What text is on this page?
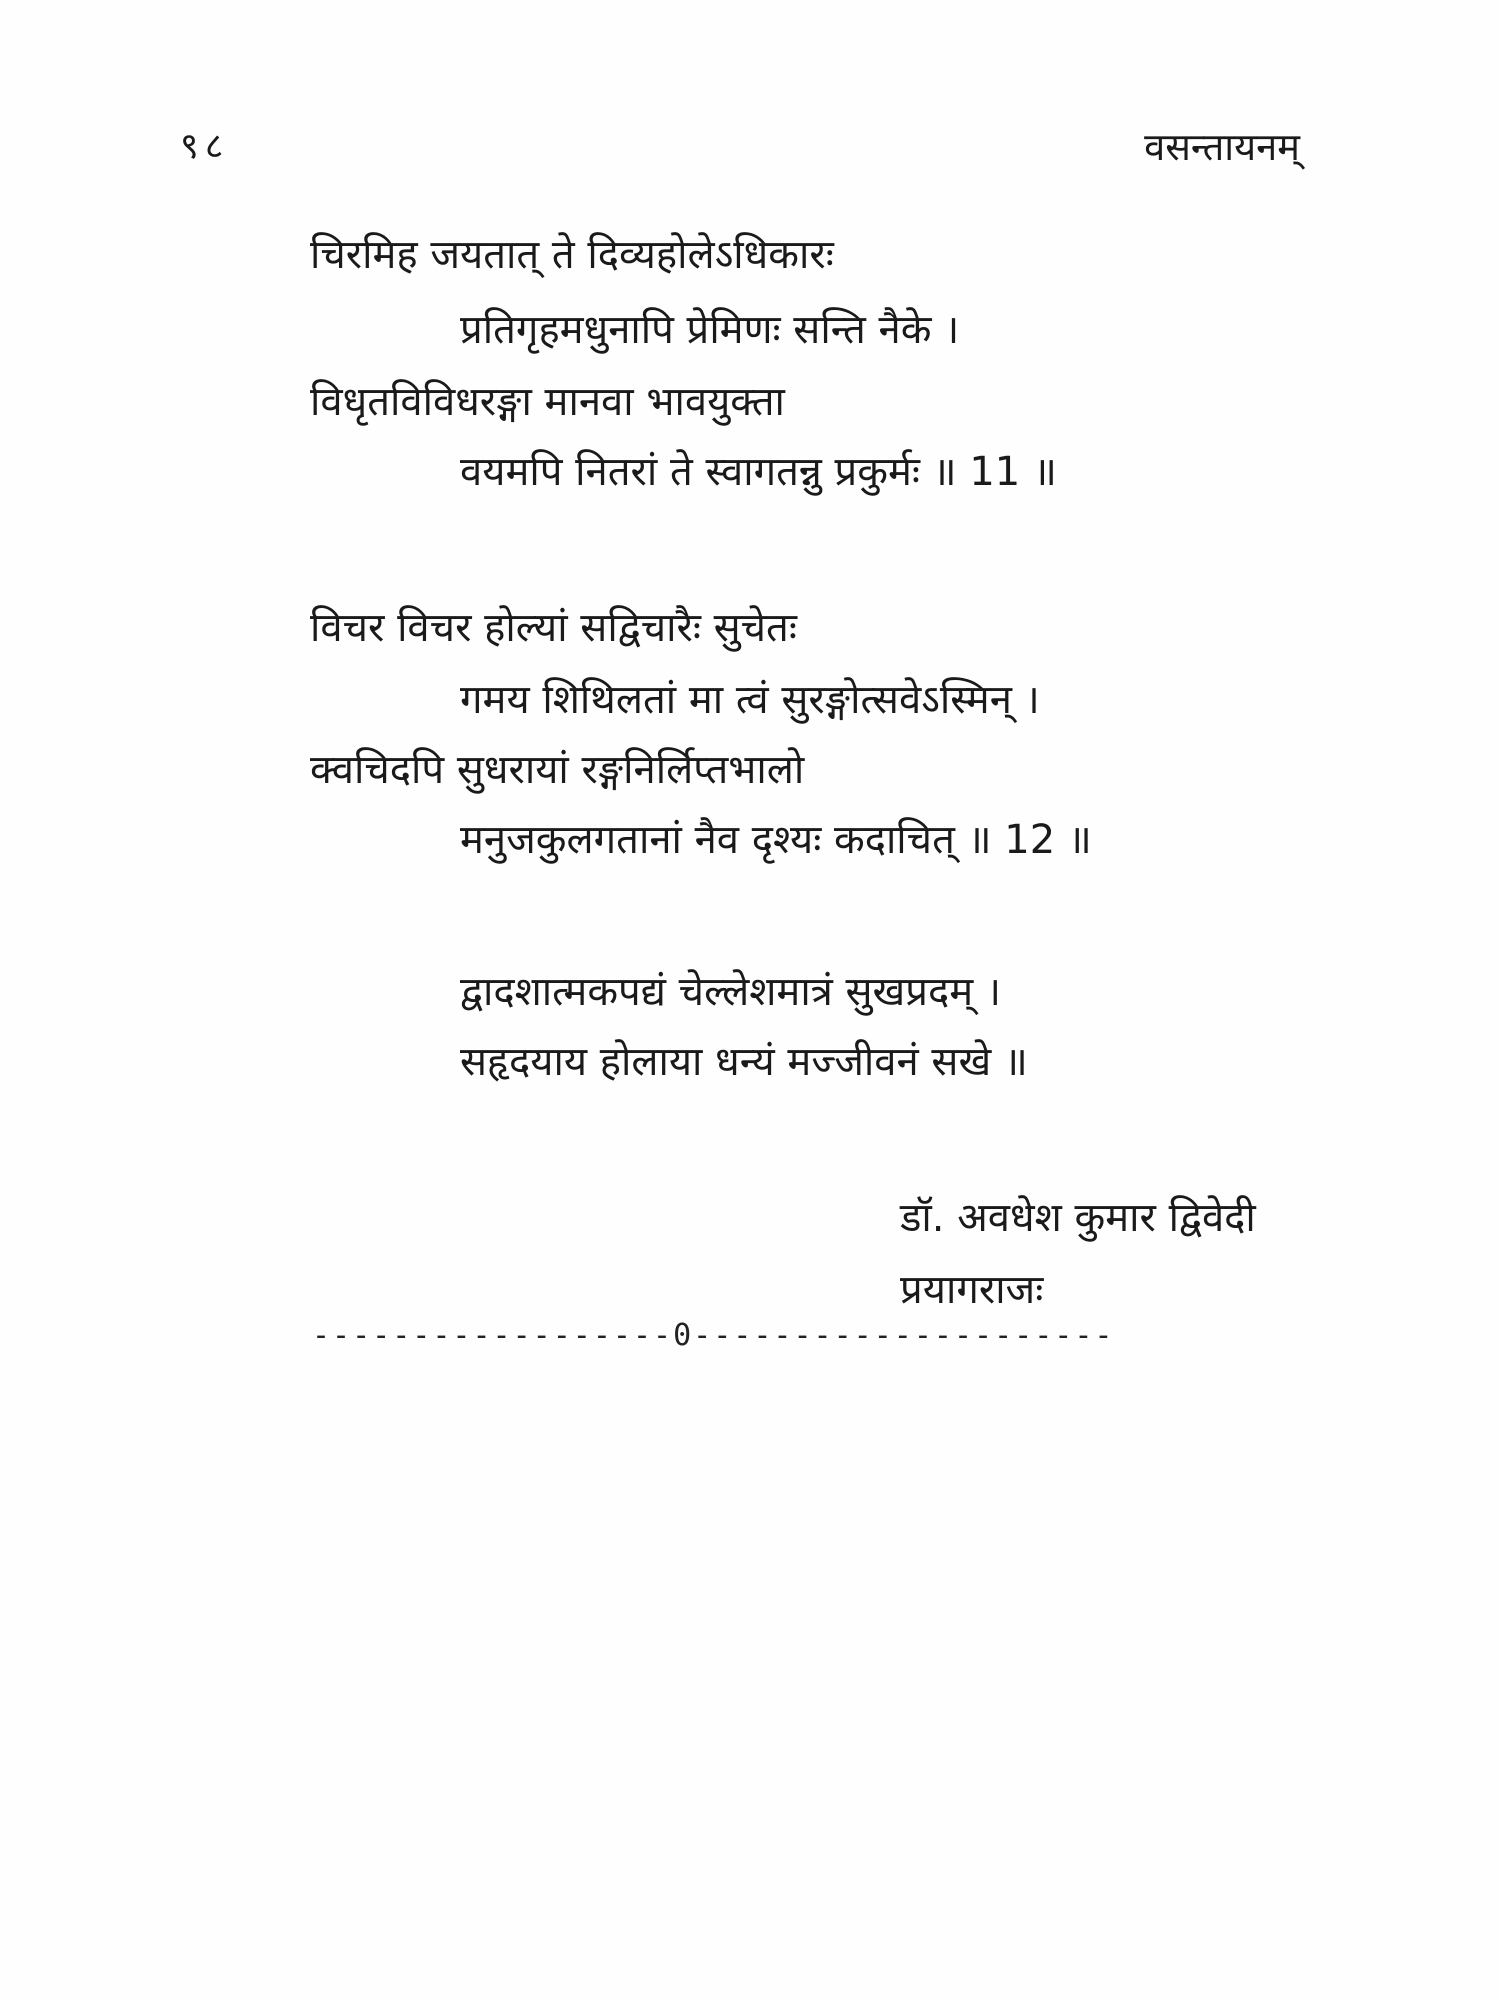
९८	वसन्तायनम्
चिरमिह जयतात् ते दिव्यहोलेऽधिकारः
प्रतिगृहमधुनापि प्रेमिणः सन्ति नैके ।
विधृतविविधरङ्गा मानवा भावयुक्ता
वयमपि नितरां ते स्वागतन्नु प्रकुर्मः ॥ 11 ॥
विचर विचर होल्यां सद्विचारैः सुचेतः
गमय शिथिलतां मा त्वं सुरङ्गोत्सवेऽस्मिन् ।
क्वचिदपि सुधरायां रङ्गनिर्लिप्तभालो
मनुजकुलगतानां नैव दृश्यः कदाचित् ॥ 12 ॥
द्वादशात्मकपद्यं चेल्लेशमात्रं सुखप्रदम् ।
सहृदयाय होलाया धन्यं मज्जीवनं सखे ॥
डॉ. अवधेश कुमार द्विवेदी
प्रयागराजः
------------------0---------------------
